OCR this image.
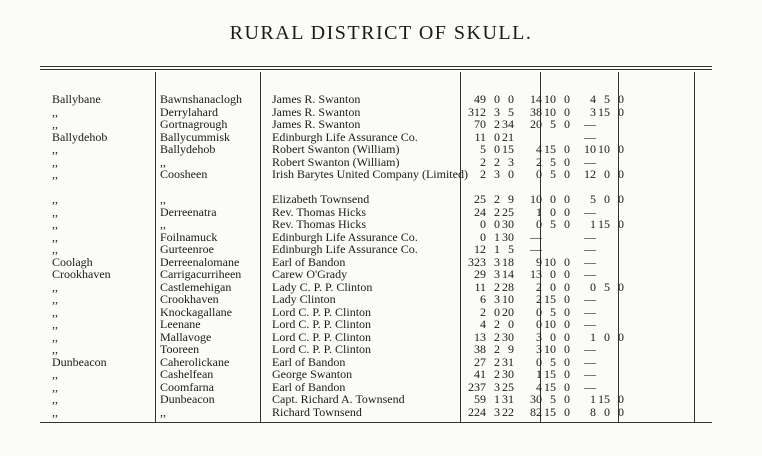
RURAL DISTRICT OF SKULL.
Ballybane	Bawnshanaclogh	James R. Swanton	49	0	0		14	10	0		4	5	0
,,	Derrylahard	James R. Swanton	312	3	5		38	10	0		3	15	0
,,	Gortnagrough	James R. Swanton	70	2	34		20	5	0		—		
Ballydehob	Ballycummisk	Edinburgh Life Assurance Co.	11	0	21						—		
,,	Ballydehob	Robert Swanton (William)	5	0	15		4	15	0		10	10	0
,,	,,	Robert Swanton (William)	2	2	3		2	5	0		—		
,,	Coosheen	Irish Barytes United Company (Limited)	2	3	0		0	5	0		12	0	0
,,	,,	Elizabeth Townsend	25	2	9		10	0	0		5	0	0
,,	Derreenatra	Rev. Thomas Hicks	24	2	25		1	0	0		—		
,,	,,	Rev. Thomas Hicks	0	0	30		0	5	0		1	15	0
,,	Foilnamuck	Edinburgh Life Assurance Co.	0	1	30		—				—		
,,	Gurteenroe	Edinburgh Life Assurance Co.	12	1	5		—				—		
Coolagh	Derreenalomane	Earl of Bandon	323	3	18		9	10	0		—		
Crookhaven	Carrigacurriheen	Carew O'Grady	29	3	14		13	0	0		—		
,,	Castlemehigan	Lady C. P. P. Clinton	11	2	28		2	0	0		0	5	0
,,	Crookhaven	Lady Clinton	6	3	10		2	15	0		—		
,,	Knockagallane	Lord C. P. P. Clinton	2	0	20		0	5	0		—		
,,	Leenane	Lord C. P. P. Clinton	4	2	0		0	10	0		—		
,,	Mallavoge	Lord C. P. P. Clinton	13	2	30		3	0	0		1	0	0
,,	Tooreen	Lord C. P. P. Clinton	38	2	9		3	10	0		—		
Dunbeacon	Caherolickane	Earl of Bandon	27	2	31		0	5	0		—		
,,	Cashelfean	George Swanton	41	2	30		1	15	0		—		
,,	Coomfarna	Earl of Bandon	237	3	25		4	15	0		—		
,,	Dunbeacon	Capt. Richard A. Townsend	59	1	31		30	5	0		1	15	0
,,	,,	Richard Townsend	224	3	22		82	15	0		8	0	0
